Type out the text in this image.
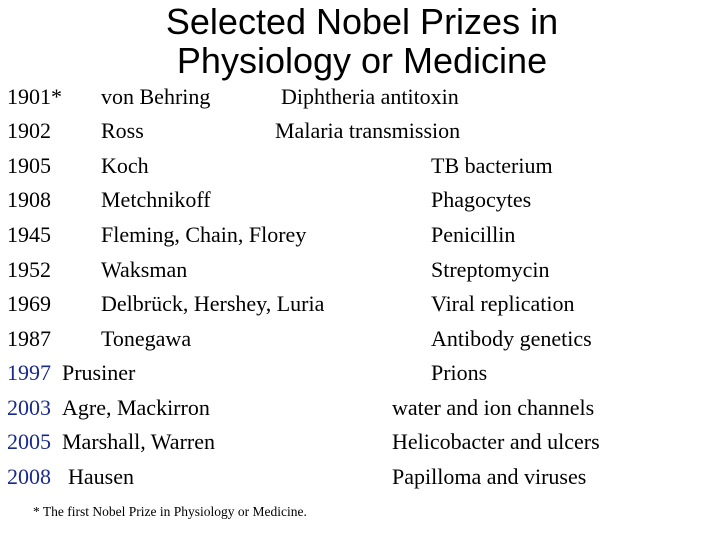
Selected Nobel Prizes in
Physiology or Medicine
1901* von Behring	Diphtheria antitoxin
1902 Ross	Malaria transmission
1905 Koch	TB bacterium
1908 Metchnikoff	Phagocytes
1945 Fleming, Chain, Florey	Penicillin
1952 Waksman	Streptomycin
1969 Delbrück, Hershey, Luria	Viral replication
1987 Tonegawa	Antibody genetics
1997 Prusiner	Prions
2003 Agre, Mackirron	water and ion channels
2005 Marshall, Warren	Helicobacter and ulcers
2008 Hausen	Papilloma and viruses
* The first Nobel Prize in Physiology or Medicine.
